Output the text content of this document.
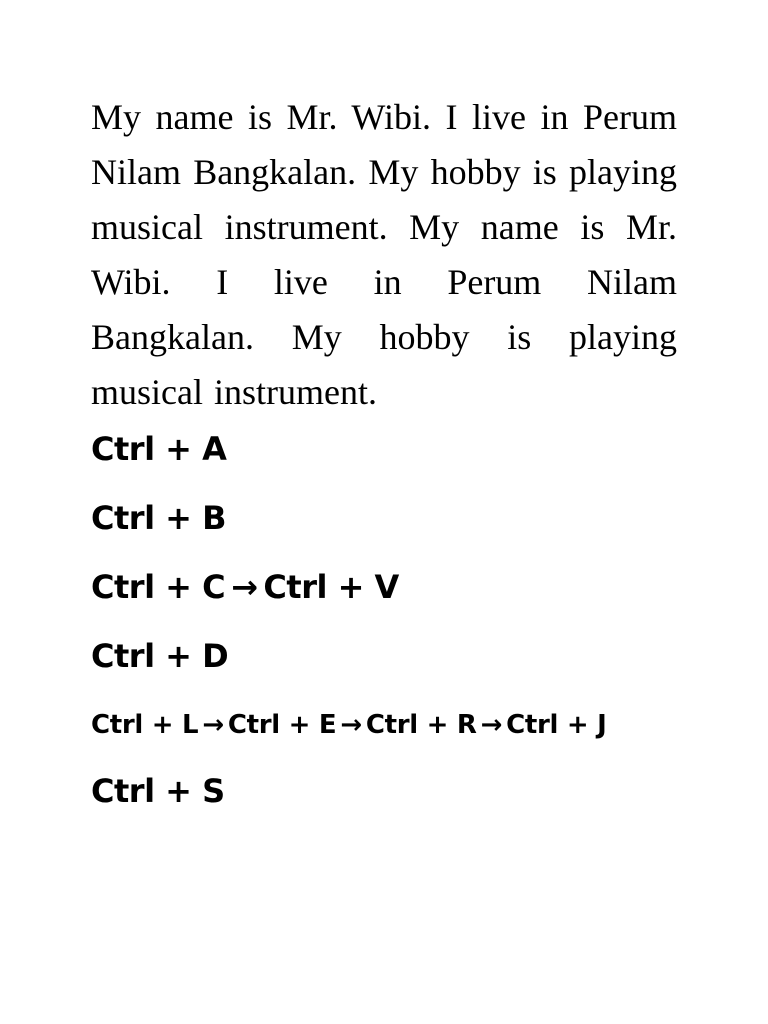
My name is Mr. Wibi. I live in Perum Nilam Bangkalan. My hobby is playing musical instrument. My name is Mr. Wibi. I live in Perum Nilam Bangkalan. My hobby is playing musical instrument.

Ctrl + A
Ctrl + B
Ctrl + C → Ctrl + V
Ctrl + D
Ctrl + L → Ctrl + E → Ctrl + R → Ctrl + J
Ctrl + S
